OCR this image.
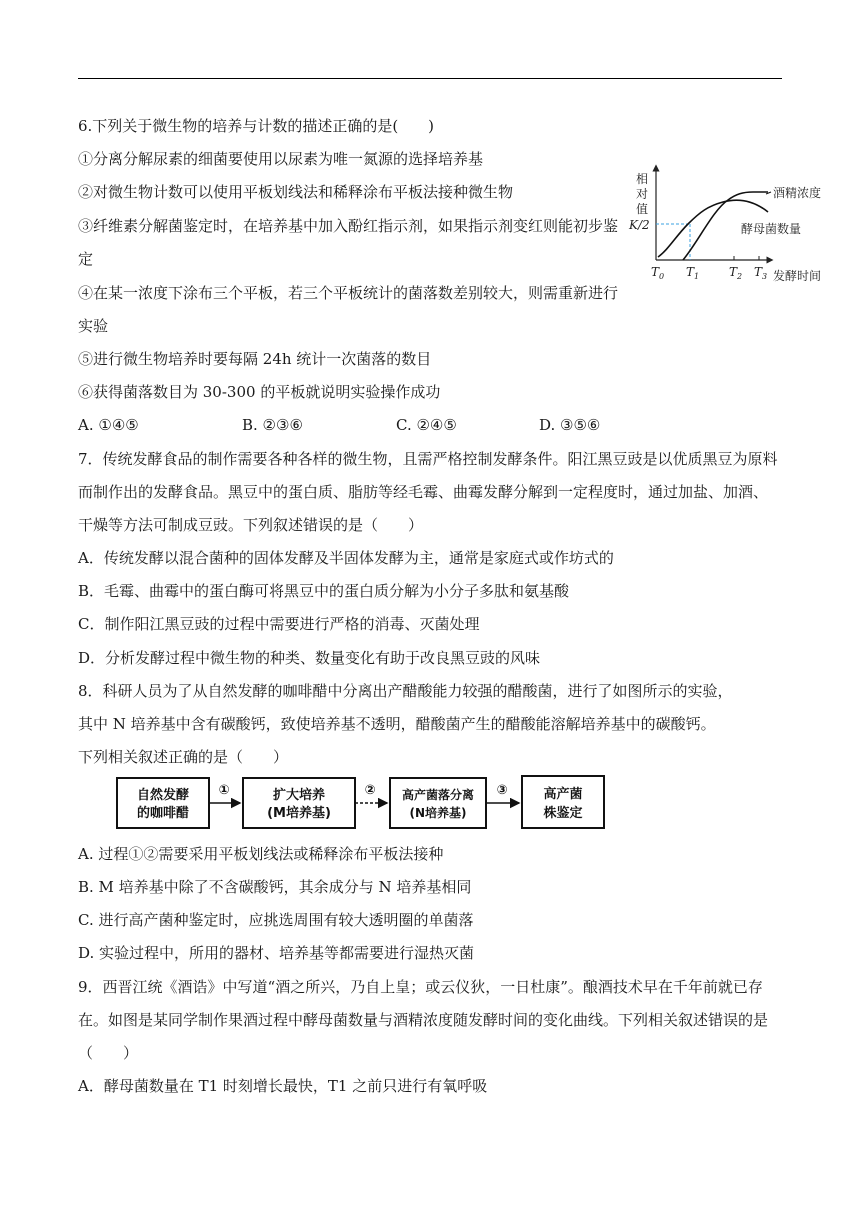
6.下列关于微生物的培养与计数的描述正确的是(　　)
①分离分解尿素的细菌要使用以尿素为唯一氮源的选择培养基
②对微生物计数可以使用平板划线法和稀释涂布平板法接种微生物
③纤维素分解菌鉴定时，在培养基中加入酚红指示剂，如果指示剂变红则能初步鉴
定
④在某一浓度下涂布三个平板，若三个平板统计的菌落数差别较大，则需重新进行
实验
⑤进行微生物培养时要每隔 24h 统计一次菌落的数目
⑥获得菌落数目为 30-300 的平板就说明实验操作成功
A. ①④⑤	B. ②③⑥	C. ②④⑤	D. ③⑤⑥
相
对
值
K/2
酒精浓度
酵母菌数量
$T_0$ $T_1$ $T_2$ $T_3$ 发酵时间
7．传统发酵食品的制作需要各种各样的微生物，且需严格控制发酵条件。阳江黑豆豉是以优质黑豆为原料
而制作出的发酵食品。黑豆中的蛋白质、脂肪等经毛霉、曲霉发酵分解到一定程度时，通过加盐、加酒、
干燥等方法可制成豆豉。下列叙述错误的是（　　）
A．传统发酵以混合菌种的固体发酵及半固体发酵为主，通常是家庭式或作坊式的
B．毛霉、曲霉中的蛋白酶可将黑豆中的蛋白质分解为小分子多肽和氨基酸
C．制作阳江黑豆豉的过程中需要进行严格的消毒、灭菌处理
D．分析发酵过程中微生物的种类、数量变化有助于改良黑豆豉的风味
8．科研人员为了从自然发酵的咖啡醋中分离出产醋酸能力较强的醋酸菌，进行了如图所示的实验，
其中 N 培养基中含有碳酸钙，致使培养基不透明，醋酸菌产生的醋酸能溶解培养基中的碳酸钙。
下列相关叙述正确的是（　　）
自然发酵
的咖啡醋
①	扩大培养
(M培养基)
② 高产菌落分离
(N培养基)
③	高产菌
株鉴定
A. 过程①②需要采用平板划线法或稀释涂布平板法接种
B. M 培养基中除了不含碳酸钙，其余成分与 N 培养基相同
C. 进行高产菌种鉴定时，应挑选周围有较大透明圈的单菌落
D. 实验过程中，所用的器材、培养基等都需要进行湿热灭菌
9．西晋江统《酒诰》中写道“酒之所兴，乃自上皇；或云仪狄，一日杜康”。酿酒技术早在千年前就已存
在。如图是某同学制作果酒过程中酵母菌数量与酒精浓度随发酵时间的变化曲线。下列相关叙述错误的是
（　　）
A．酵母菌数量在 T1 时刻增长最快，T1 之前只进行有氧呼吸
